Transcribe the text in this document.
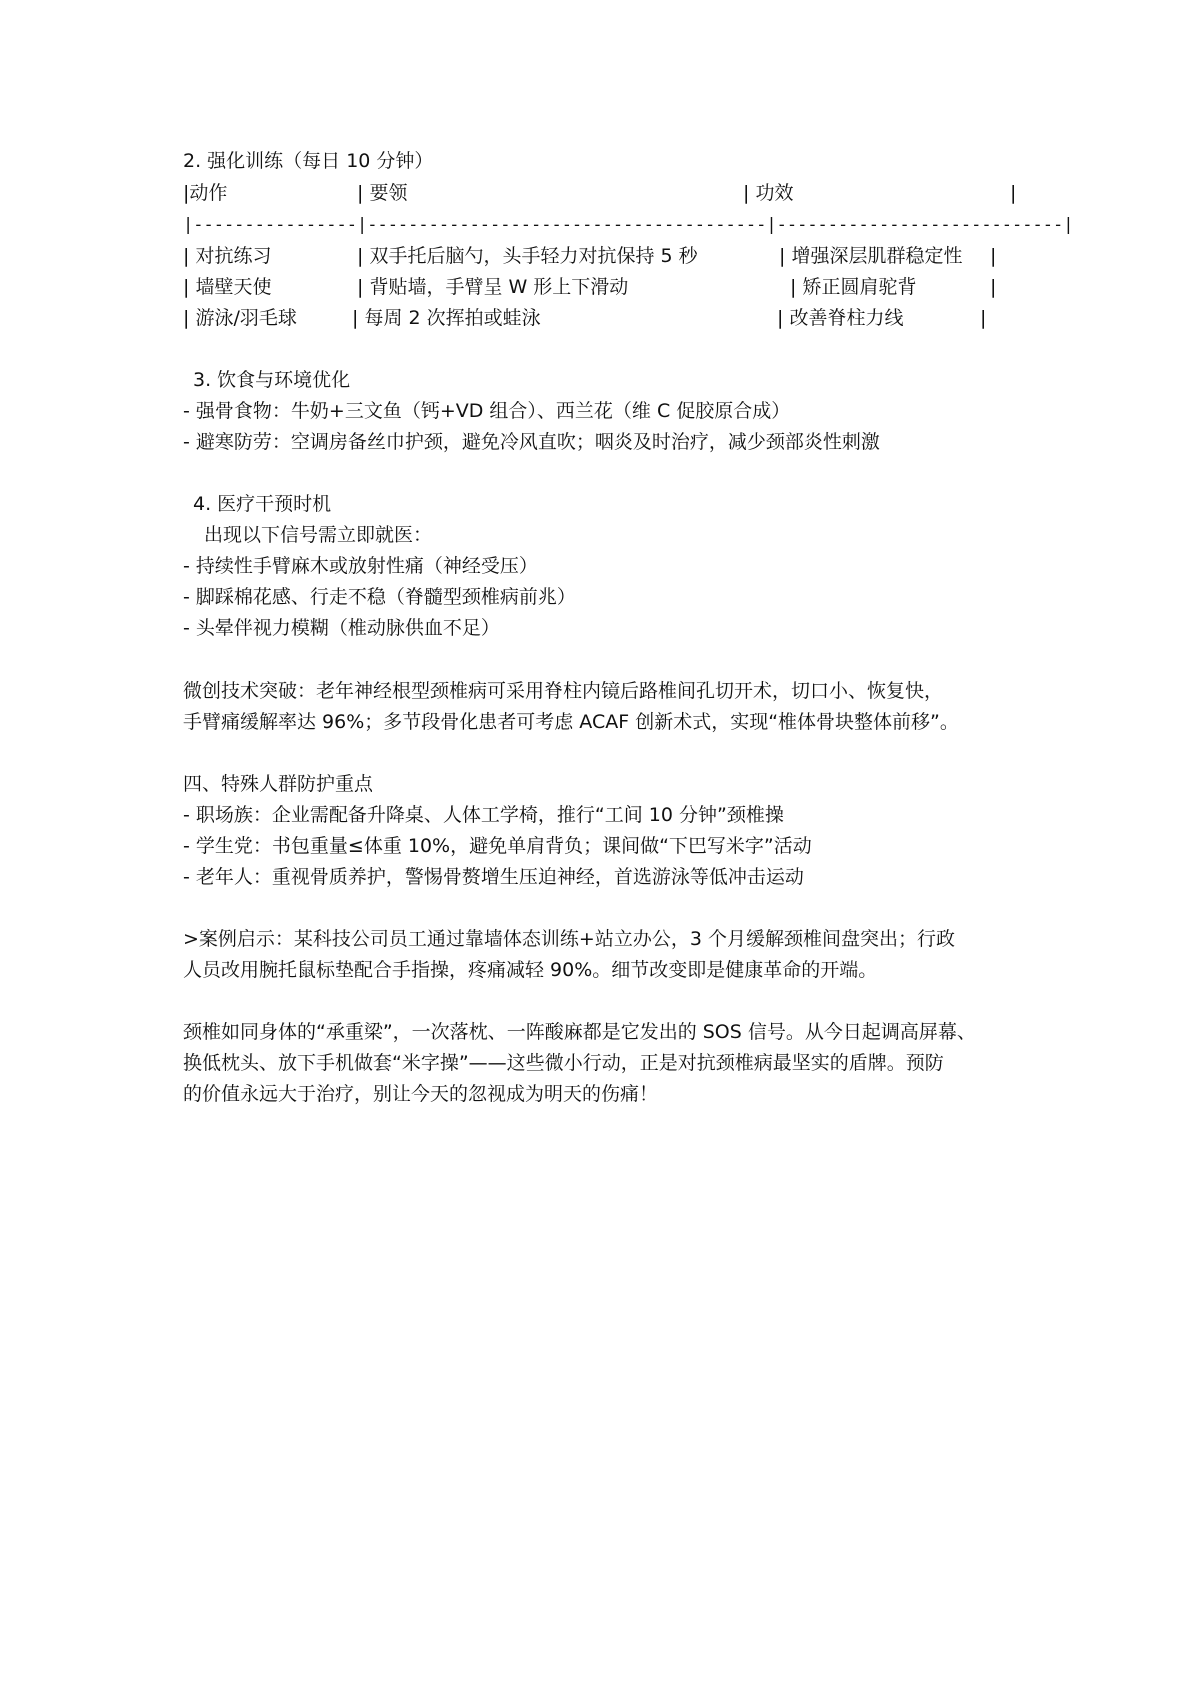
2. 强化训练（每日 10 分钟）
|动作	| 要领	| 功效	|
|----------------|---------------------------------------|----------------------------|
| 对抗练习	| 双手托后脑勺，头手轻力对抗保持 5 秒	| 增强深层肌群稳定性 |
| 墙壁天使	| 背贴墙，手臂呈 W 形上下滑动	| 矫正圆肩驼背	|
| 游泳/羽毛球	| 每周 2 次挥拍或蛙泳	| 改善脊柱力线	|
3. 饮食与环境优化
- 强骨食物：牛奶+三文鱼（钙+VD 组合）、西兰花（维 C 促胶原合成）
- 避寒防劳：空调房备丝巾护颈，避免冷风直吹；咽炎及时治疗，减少颈部炎性刺激
4. 医疗干预时机
出现以下信号需立即就医：
- 持续性手臂麻木或放射性痛（神经受压）
- 脚踩棉花感、行走不稳（脊髓型颈椎病前兆）
- 头晕伴视力模糊（椎动脉供血不足）
微创技术突破：老年神经根型颈椎病可采用脊柱内镜后路椎间孔切开术，切口小、恢复快，
手臂痛缓解率达 96%；多节段骨化患者可考虑 ACAF 创新术式，实现“椎体骨块整体前移”。
四、特殊人群防护重点
- 职场族：企业需配备升降桌、人体工学椅，推行“工间 10 分钟”颈椎操
- 学生党：书包重量≤体重 10%，避免单肩背负；课间做“下巴写米字”活动
- 老年人：重视骨质养护，警惕骨赘增生压迫神经，首选游泳等低冲击运动
>案例启示：某科技公司员工通过靠墙体态训练+站立办公，3 个月缓解颈椎间盘突出；行政
人员改用腕托鼠标垫配合手指操，疼痛减轻 90%。细节改变即是健康革命的开端。
颈椎如同身体的“承重梁”，一次落枕、一阵酸麻都是它发出的 SOS 信号。从今日起调高屏幕、
换低枕头、放下手机做套“米字操”——这些微小行动，正是对抗颈椎病最坚实的盾牌。预防
的价值永远大于治疗，别让今天的忽视成为明天的伤痛！
